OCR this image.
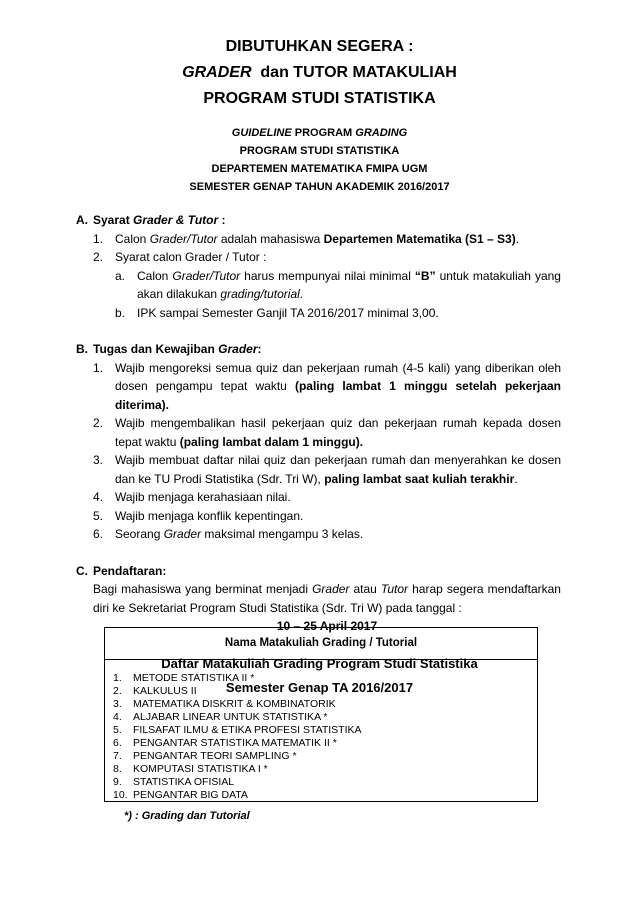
DIBUTUHKAN SEGERA :
GRADER dan TUTOR MATAKULIAH
PROGRAM STUDI STATISTIKA
GUIDELINE PROGRAM GRADING
PROGRAM STUDI STATISTIKA
DEPARTEMEN MATEMATIKA FMIPA UGM
SEMESTER GENAP TAHUN AKADEMIK 2016/2017
A. Syarat Grader & Tutor :
1. Calon Grader/Tutor adalah mahasiswa Departemen Matematika (S1 – S3).
2. Syarat calon Grader / Tutor :
a. Calon Grader/Tutor harus mempunyai nilai minimal “B” untuk matakuliah yang akan dilakukan grading/tutorial.
b. IPK sampai Semester Ganjil TA 2016/2017 minimal 3,00.
B. Tugas dan Kewajiban Grader:
1. Wajib mengoreksi semua quiz dan pekerjaan rumah (4-5 kali) yang diberikan oleh dosen pengampu tepat waktu (paling lambat 1 minggu setelah pekerjaan diterima).
2. Wajib mengembalikan hasil pekerjaan quiz dan pekerjaan rumah kepada dosen tepat waktu (paling lambat dalam 1 minggu).
3. Wajib membuat daftar nilai quiz dan pekerjaan rumah dan menyerahkan ke dosen dan ke TU Prodi Statistika (Sdr. Tri W), paling lambat saat kuliah terakhir.
4. Wajib menjaga kerahasiaan nilai.
5. Wajib menjaga konflik kepentingan.
6. Seorang Grader maksimal mengampu 3 kelas.
C. Pendaftaran:

Bagi mahasiswa yang berminat menjadi Grader atau Tutor harap segera mendaftarkan diri ke Sekretariat Program Studi Statistika (Sdr. Tri W) pada tanggal :

10 – 25 April 2017
Daftar Matakuliah Grading Program Studi Statistika
Semester Genap TA 2016/2017
Nama Matakuliah Grading / Tutorial
1. METODE STATISTIKA II *
2. KALKULUS II
3. MATEMATIKA DISKRIT & KOMBINATORIK
4. ALJABAR LINEAR UNTUK STATISTIKA *
5. FILSAFAT ILMU & ETIKA PROFESI STATISTIKA
6. PENGANTAR STATISTIKA MATEMATIK II *
7. PENGANTAR TEORI SAMPLING *
8. KOMPUTASI STATISTIKA I *
9. STATISTIKA OFISIAL
10. PENGANTAR BIG DATA
*) : Grading dan Tutorial
